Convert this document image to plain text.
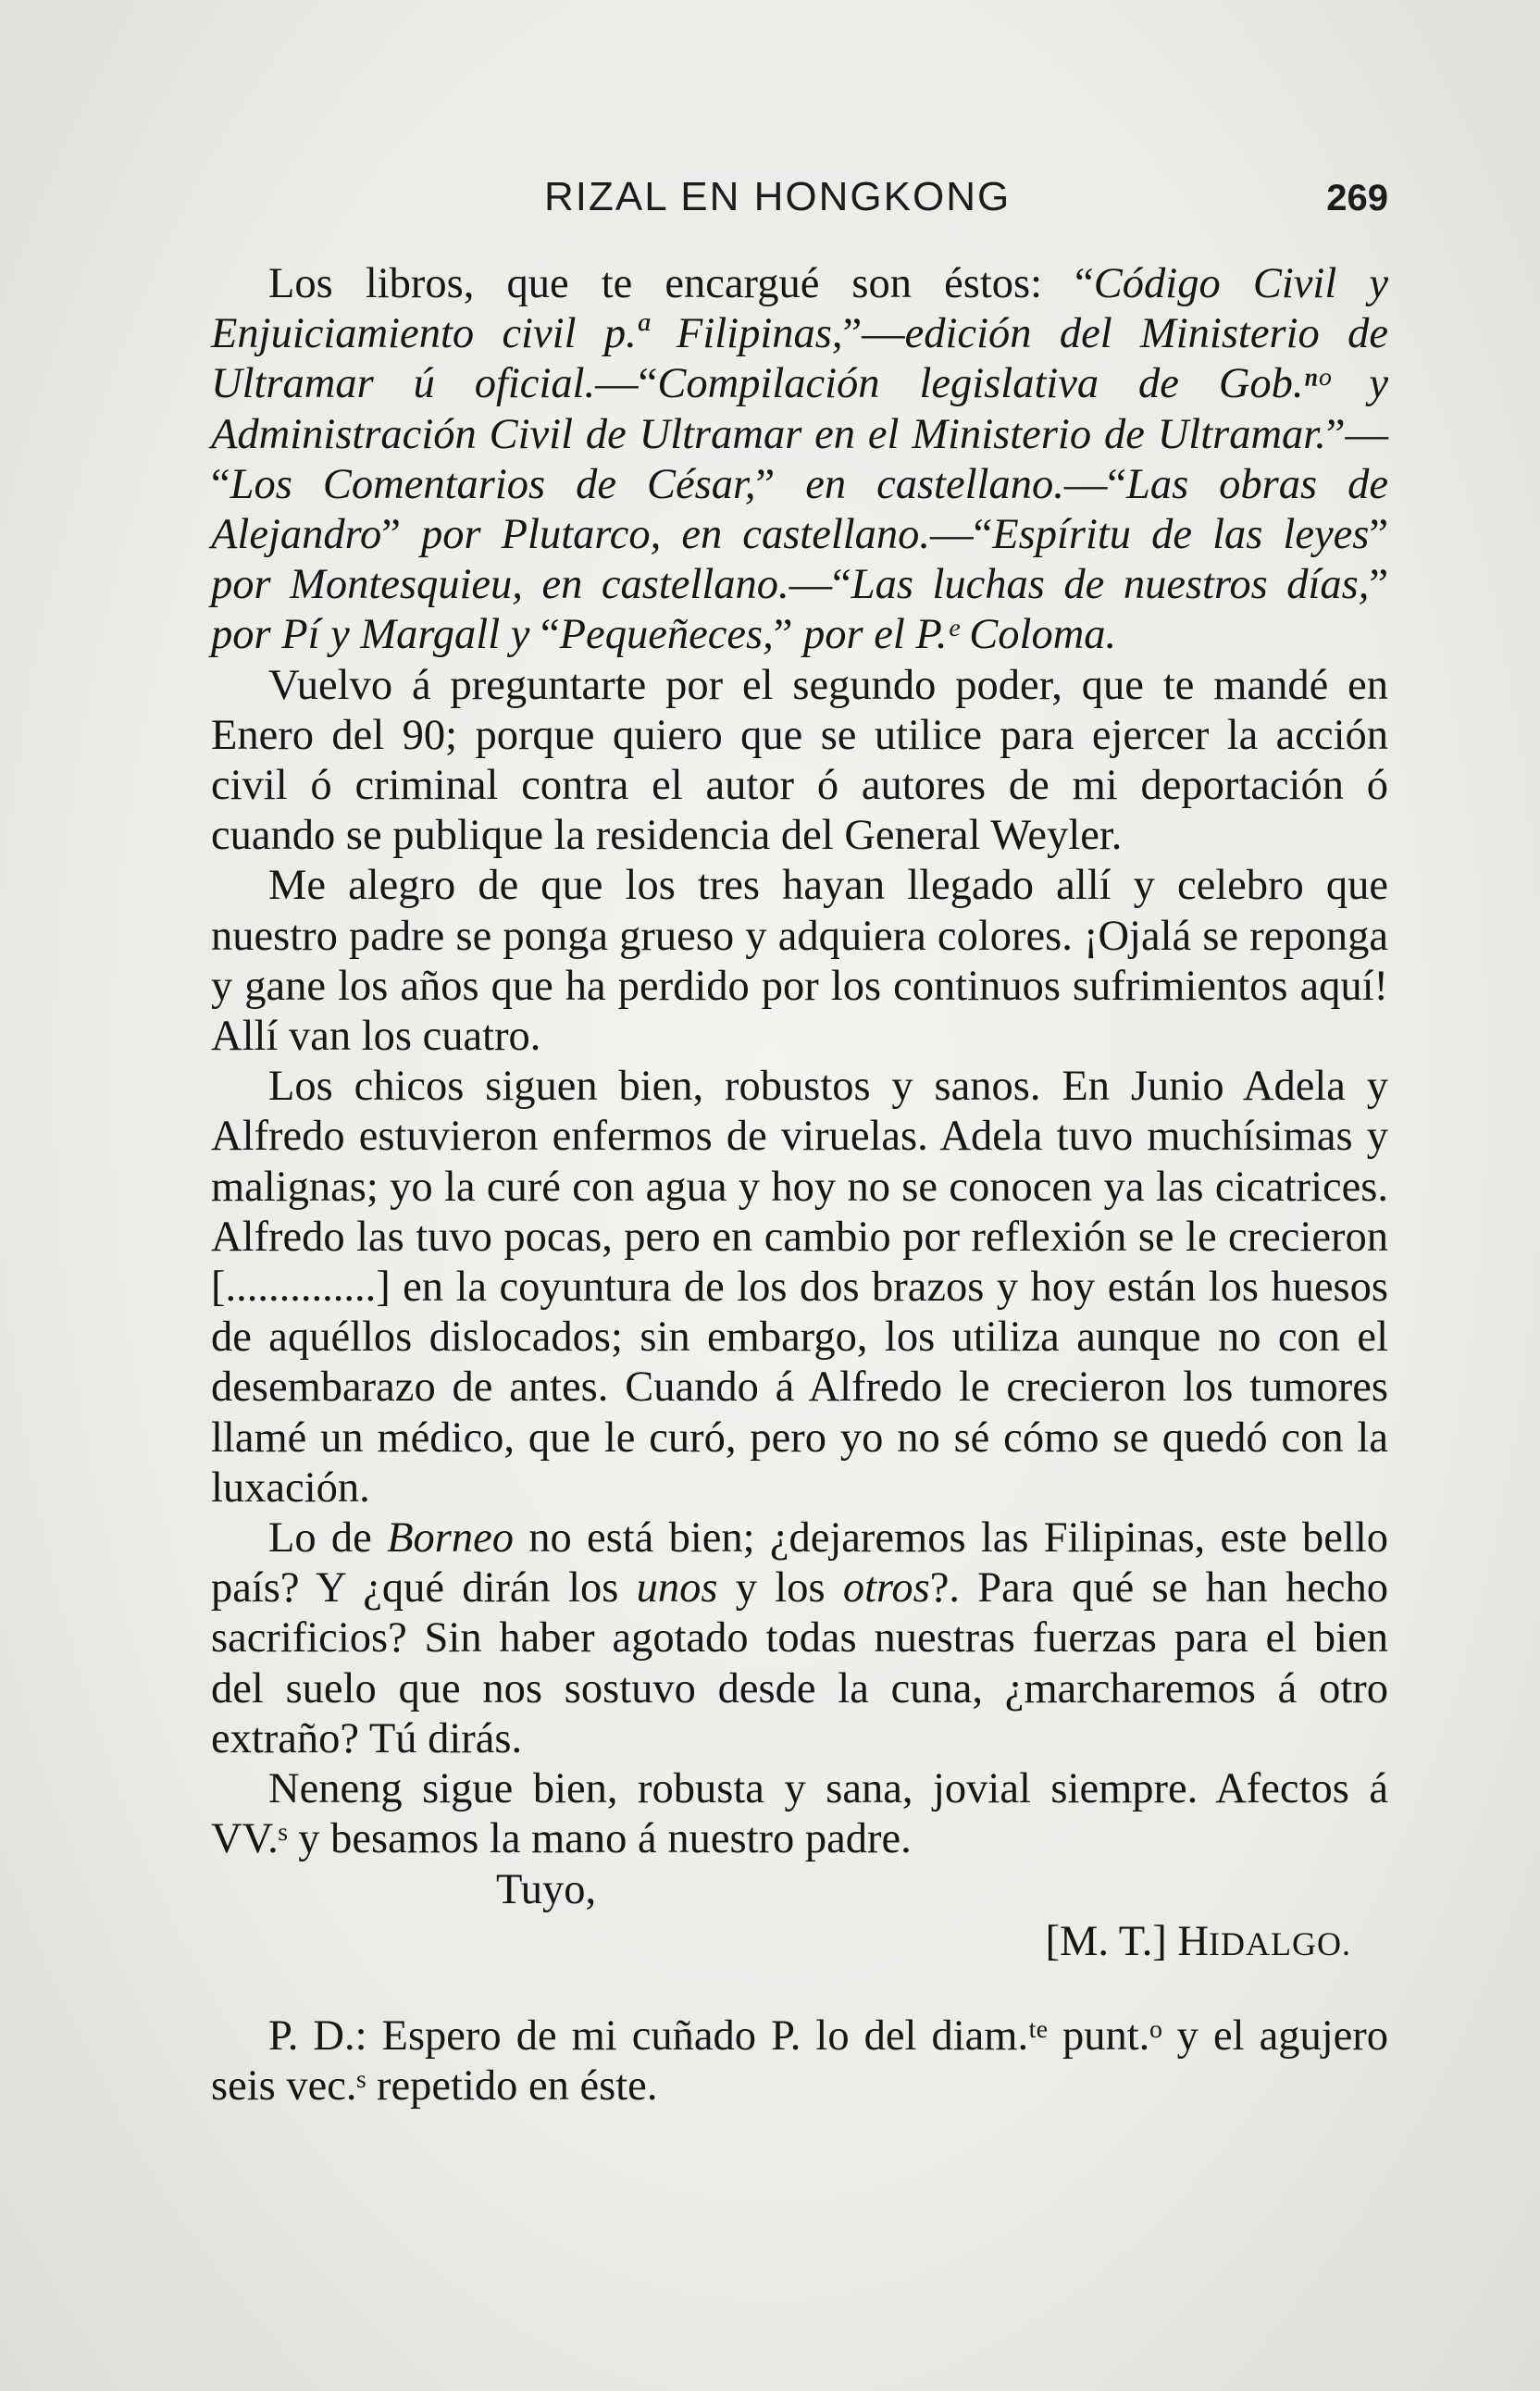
RIZAL EN HONGKONG	269

Los libros, que te encargué son éstos: “Código Civil y Enjuiciamiento civil p.ª Filipinas,”—edición del Ministerio de Ultramar ú oficial.—“Compilación legislativa de Gob.ⁿᵒ y Administración Civil de Ultramar en el Ministerio de Ultramar.”— “Los Comentarios de César,” en castellano.—“Las obras de Alejandro” por Plutarco, en castellano.—“Espíritu de las leyes” por Montesquieu, en castellano.—“Las luchas de nuestros días,” por Pí y Margall y “Pequeñeces,” por el P.ᵉ Coloma.

Vuelvo á preguntarte por el segundo poder, que te mandé en Enero del 90; porque quiero que se utilice para ejercer la acción civil ó criminal contra el autor ó autores de mi deportación ó cuando se publique la residencia del General Weyler.

Me alegro de que los tres hayan llegado allí y celebro que nuestro padre se ponga grueso y adquiera colores. ¡Ojalá se reponga y gane los años que ha perdido por los continuos sufrimientos aquí! Allí van los cuatro.

Los chicos siguen bien, robustos y sanos. En Junio Adela y Alfredo estuvieron enfermos de viruelas. Adela tuvo muchísimas y malignas; yo la curé con agua y hoy no se conocen ya las cicatrices. Alfredo las tuvo pocas, pero en cambio por reflexión se le crecieron [..............] en la coyuntura de los dos brazos y hoy están los huesos de aquéllos dislocados; sin embargo, los utiliza aunque no con el desembarazo de antes. Cuando á Alfredo le crecieron los tumores llamé un médico, que le curó, pero yo no sé cómo se quedó con la luxación.

Lo de Borneo no está bien; ¿dejaremos las Filipinas, este bello país? Y ¿qué dirán los unos y los otros?. Para qué se han hecho sacrificios? Sin haber agotado todas nuestras fuerzas para el bien del suelo que nos sostuvo desde la cuna, ¿marcharemos á otro extraño? Tú dirás.

Neneng sigue bien, robusta y sana, jovial siempre. Afectos á VV.ˢ y besamos la mano á nuestro padre.

Tuyo,
[M. T.] HIDALGO.

P. D.: Espero de mi cuñado P. lo del diam.ᵗᵉ punt.ᵒ y el agujero seis vec.ˢ repetido en éste.
